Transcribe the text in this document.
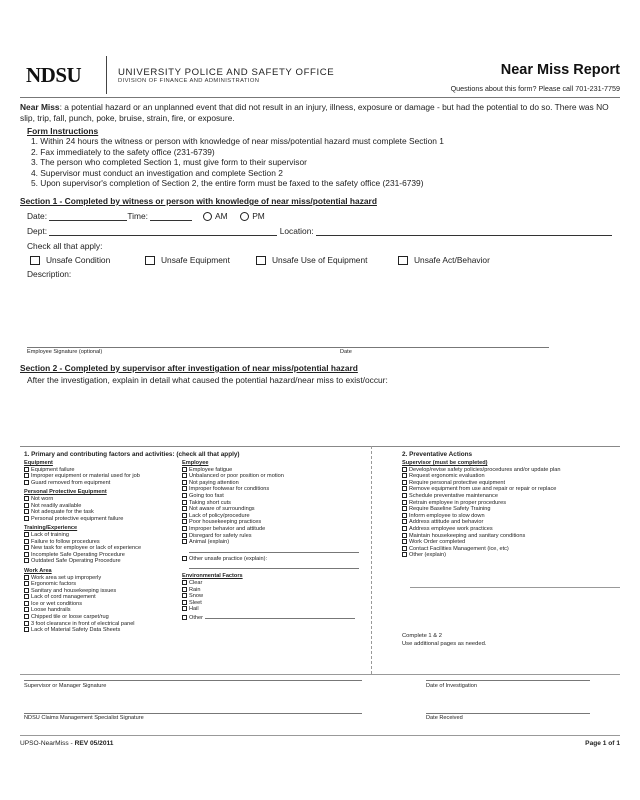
NDSU	UNIVERSITY POLICE AND SAFETY OFFICE
DIVISION OF FINANCE AND ADMINISTRATION
Near Miss Report
Questions about this form? Please call 701-231-7759
Near Miss: a potential hazard or an unplanned event that did not result in an injury, illness, exposure or damage - but had the potential to do so. There was NO slip, trip, fall, punch, poke, bruise, strain, fire, or exposure.
Form Instructions
1. Within 24 hours the witness or person with knowledge of near miss/potential hazard must complete Section 1
2. Fax immediately to the safety office (231-6739)
3. The person who completed Section 1, must give form to their supervisor
4. Supervisor must conduct an investigation and complete Section 2
5. Upon supervisor's completion of Section 2, the entire form must be faxed to the safety office (231-6739)
Section 1 - Completed by witness or person with knowledge of near miss/potential hazard
Date:	Time:	AM	PM
Dept:	Location:
Check all that apply:
Unsafe Condition	Unsafe Equipment	Unsafe Use of Equipment	Unsafe Act/Behavior
Description:
Employee Signature (optional)	Date
Section 2 - Completed by supervisor after investigation of near miss/potential hazard
After the investigation, explain in detail what caused the potential hazard/near miss to exist/occur:
1. Primary and contributing factors and activities: (check all that apply)
Equipment
Equipment failure
Improper equipment or material used for job
Guard removed from equipment
Personal Protective Equipment
Not worn
Not readily available
Not adequate for the task
Personal protective equipment failure
Training/Experience
Lack of training
Failure to follow procedures
New task for employee or lack of experience
Incomplete Safe Operating Procedure
Outdated Safe Operating Procedure
Work Area
Work area set up improperly
Ergonomic factors
Sanitary and housekeeping issues
Lack of cord management
Ice or wet conditions
Loose handrails
Chipped tile or loose carpet/rug
3 foot clearance in front of electrical panel
Lack of Material Safety Data Sheets
Employee
Employee fatigue
Unbalanced or poor position or motion
Not paying attention
Improper footwear for conditions
Going too fast
Taking short cuts
Not aware of surroundings
Lack of policy/procedure
Poor housekeeping practices
Improper behavior and attitude
Disregard for safety rules
Animal (explain)
Other unsafe practice (explain):
Environmental Factors
Clear
Rain
Snow
Sleet
Hail
Other
2. Preventative Actions
Supervisor (must be completed)
Develop/revise safety policies/procedures and/or update plan
Request ergonomic evaluation
Require personal protective equipment
Remove equipment from use and repair or repair or replace
Schedule preventative maintenance
Retrain employee in proper procedures
Require Baseline Safety Training
Inform employee to slow down
Address attitude and behavior
Address employee work practices
Maintain housekeeping and sanitary conditions
Work Order completed
Contact Facilities Management (ice, etc)
Other (explain)
Complete 1 & 2
Use additional pages as needed.
Supervisor or Manager Signature	Date of Investigation
NDSU Claims Management Specialist Signature	Date Received
UPSO-NearMiss - REV 05/2011	Page 1 of 1
